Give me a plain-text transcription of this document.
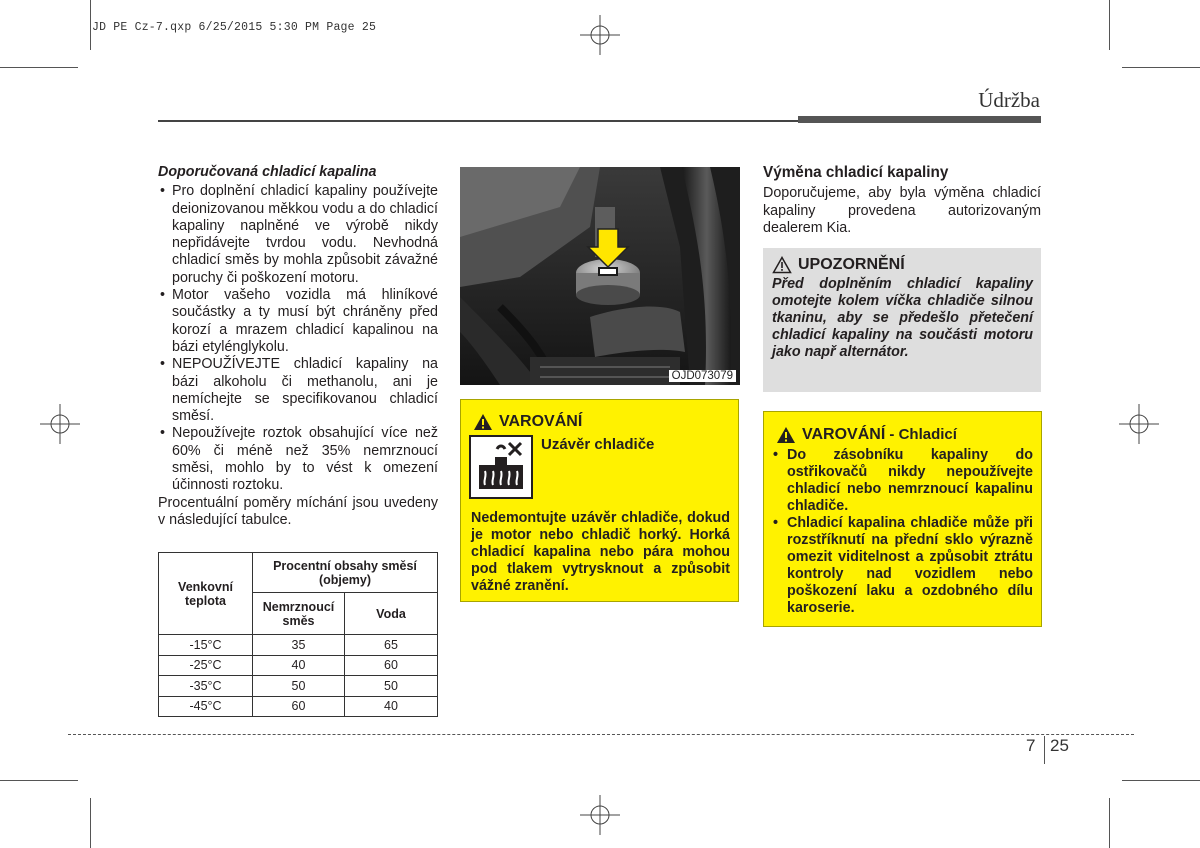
JD PE Cz-7.qxp 6/25/2015 5:30 PM Page 25
Údržba
Doporučovaná chladicí kapalina
• Pro doplnění chladicí kapaliny používejte deionizovanou měkkou vodu a do chladicí kapaliny naplněné ve výrobě nikdy nepřidávejte tvrdou vodu. Nevhodná chladicí směs by mohla způsobit závažné poruchy či poškození motoru.
• Motor vašeho vozidla má hliníkové součástky a ty musí být chráněny před korozí a mrazem chladicí kapalinou na bázi etylénglykolu.
• NEPOUŽÍVEJTE chladicí kapaliny na bázi alkoholu či methanolu, ani je nemíchejte se specifikovanou chladicí směsí.
• Nepoužívejte roztok obsahující více než 60% či méně než 35% nemrznoucí směsi, mohlo by to vést k omezení účinnosti roztoku.

Procentuální poměry míchání jsou uvedeny v následující tabulce.

Venkovní teplota	Procentní obsahy směsí (objemy)	
	Nemrznoucí směs	Voda
-15°C	35	65
-25°C	40	60
-35°C	50	50
-45°C	60	40
OJD073079
VAROVÁNÍ
Uzávěr chladiče
Nedemontujte uzávěr chladiče, dokud je motor nebo chladič horký. Horká chladicí kapalina nebo pára mohou pod tlakem vytrysknout a způsobit vážné zranění.
Výměna chladicí kapaliny

Doporučujeme, aby byla výměna chladicí kapaliny provedena autorizovaným dealerem Kia.

UPOZORNĚNÍ
Před doplněním chladicí kapaliny omotejte kolem víčka chladiče silnou tkaninu, aby se předešlo přetečení chladicí kapaliny na součásti motoru jako např alternátor.
VAROVÁNÍ - Chladicí
• Do zásobníku kapaliny do ostřikovačů nikdy nepoužívejte chladicí nebo nemrznoucí kapalinu chladiče.
• Chladicí kapalina chladiče může při rozstříknutí na přední sklo výrazně omezit viditelnost a způsobit ztrátu kontroly nad vozidlem nebo poškození laku a ozdobného dílu karoserie.
7 25
